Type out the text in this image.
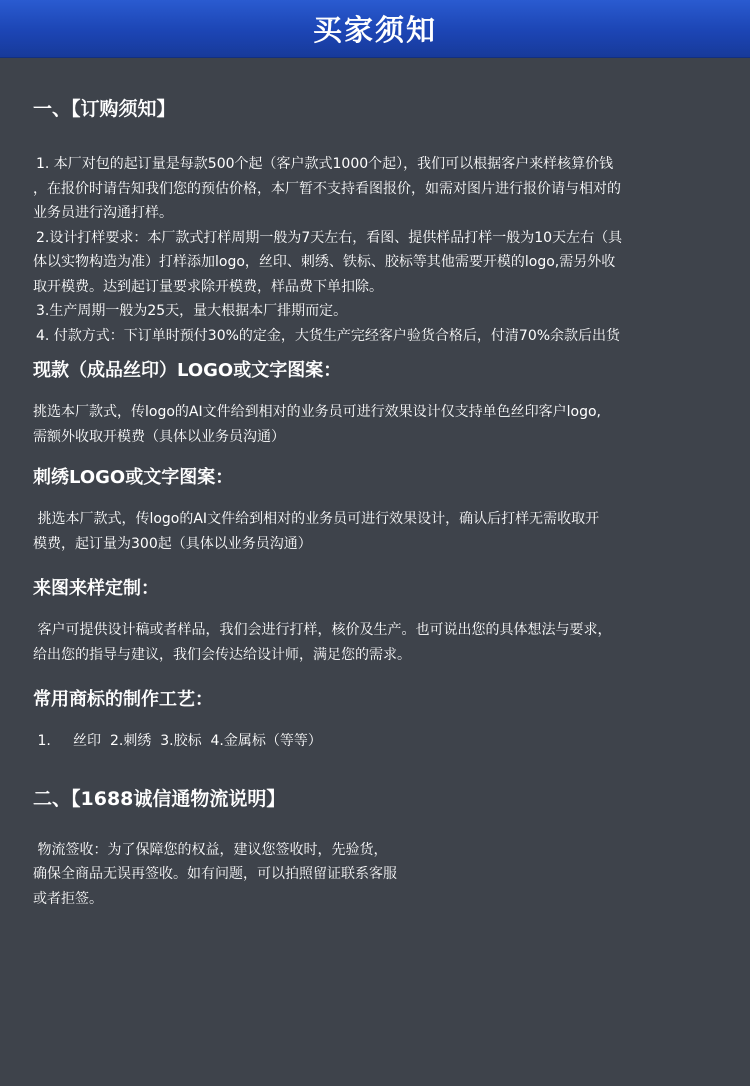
买家须知
一、【订购须知】

1. 本厂对包的起订量是每款500个起（客户款式1000个起），我们可以根据客户来样核算价钱

，在报价时请告知我们您的预估价格，本厂暂不支持看图报价，如需对图片进行报价请与相对的

业务员进行沟通打样。

2.设计打样要求：本厂款式打样周期一般为7天左右，看图、提供样品打样一般为10天左右（具

体以实物构造为准）打样添加logo，丝印、刺绣、铁标、胶标等其他需要开模的logo,需另外收

取开模费。达到起订量要求除开模费，样品费下单扣除。

3.生产周期一般为25天，量大根据本厂排期而定。

4. 付款方式：下订单时预付30%的定金，大货生产完经客户验货合格后，付清70%余款后出货

现款（成品丝印）LOGO或文字图案：

挑选本厂款式，传logo的AI文件给到相对的业务员可进行效果设计仅支持单色丝印客户logo,

需额外收取开模费（具体以业务员沟通）

刺绣LOGO或文字图案：

挑选本厂款式，传logo的AI文件给到相对的业务员可进行效果设计，确认后打样无需收取开

模费，起订量为300起（具体以业务员沟通）

来图来样定制：

客户可提供设计稿或者样品，我们会进行打样，核价及生产。也可说出您的具体想法与要求，

给出您的指导与建议，我们会传达给设计师，满足您的需求。

常用商标的制作工艺：

1.     丝印  2.刺绣  3.胶标  4.金属标（等等）

二、【1688诚信通物流说明】

物流签收：为了保障您的权益，建议您签收时，先验货，

确保全商品无误再签收。如有问题，可以拍照留证联系客服

或者拒签。
